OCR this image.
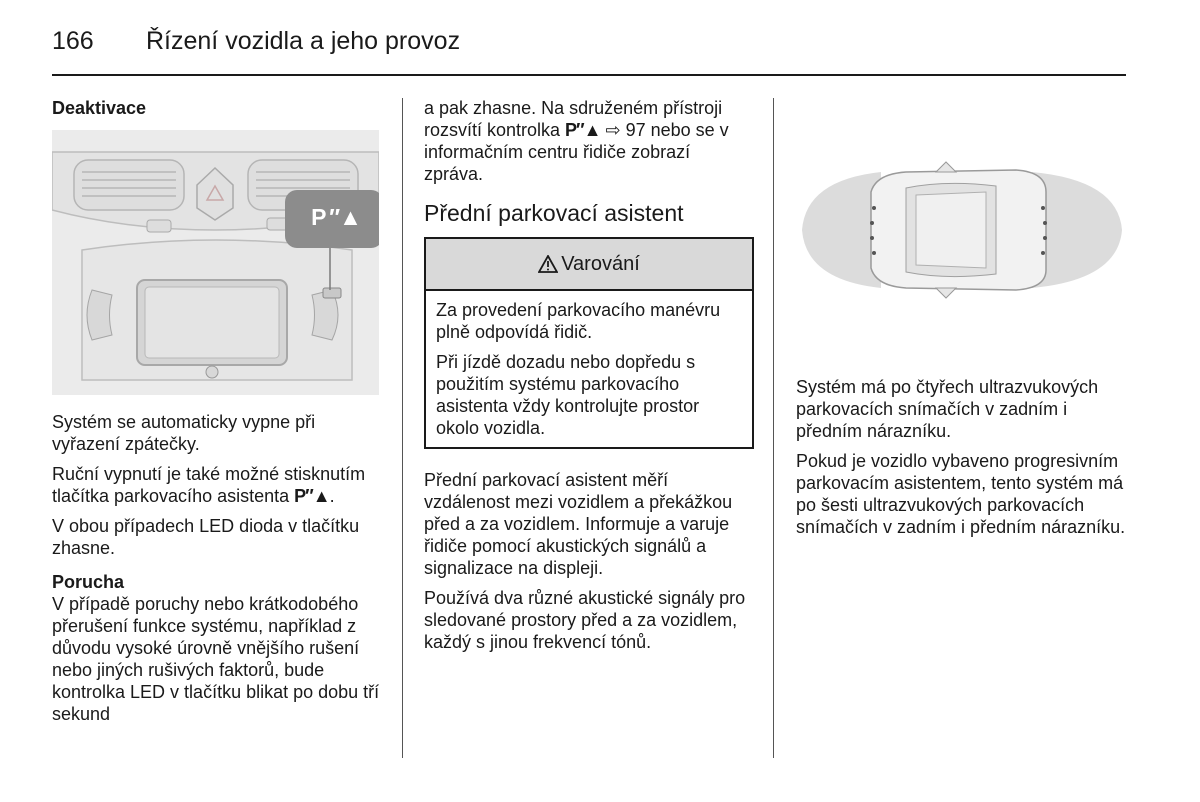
166 Řízení vozidla a jeho provoz
Deaktivace
P ″▲

Systém se automaticky vypne při vyřazení zpátečky.

Ruční vypnutí je také možné stisknutím tlačítka parkovacího asistenta P″▲.

V obou případech LED dioda v tlačítku zhasne.

Porucha

V případě poruchy nebo krátkodobého přerušení funkce systému, například z důvodu vysoké úrovně vnějšího rušení nebo jiných rušivých faktorů, bude kontrolka LED v tlačítku blikat po dobu tří sekund

a pak zhasne. Na sdruženém přístroji rozsvítí kontrolka P″▲ ⇨ 97 nebo se v informačním centru řidiče zobrazí zpráva.

Přední parkovací asistent
Varování

Za provedení parkovacího manévru plně odpovídá řidič.

Při jízdě dozadu nebo dopředu s použitím systému parkovacího asistenta vždy kontrolujte prostor okolo vozidla.

Přední parkovací asistent měří vzdálenost mezi vozidlem a překážkou před a za vozidlem. Informuje a varuje řidiče pomocí akustických signálů a signalizace na displeji.

Používá dva různé akustické signály pro sledované prostory před a za vozidlem, každý s jinou frekvencí tónů.

Systém má po čtyřech ultrazvukových parkovacích snímačích v zadním i předním nárazníku.

Pokud je vozidlo vybaveno progresivním parkovacím asistentem, tento systém má po šesti ultrazvukových parkovacích snímačích v zadním i předním nárazníku.
